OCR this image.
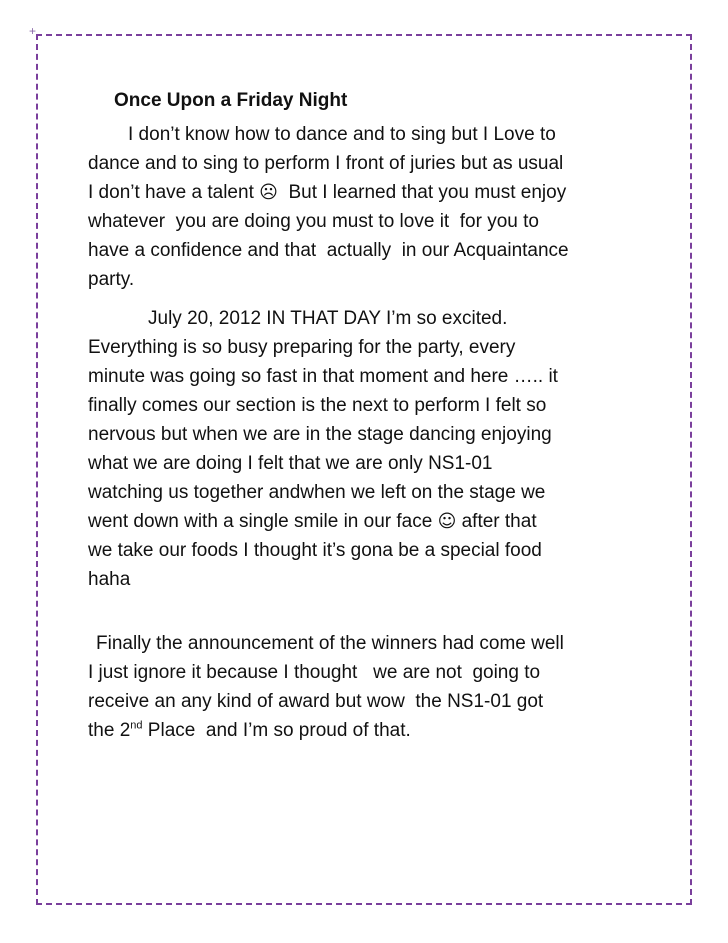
+
Once Upon a Friday Night
I don’t know how to dance and to sing but I Love to
dance and to sing to perform I front of juries but as usual
I don’t have a talent ☹  But I learned that you must enjoy
whatever  you are doing you must to love it  for you to
have a confidence and that  actually  in our Acquaintance
party.
July 20, 2012 IN THAT DAY I’m so excited.
Everything is so busy preparing for the party, every
minute was going so fast in that moment and here ….. it
finally comes our section is the next to perform I felt so
nervous but when we are in the stage dancing enjoying
what we are doing I felt that we are only NS1-01
watching us together andwhen we left on the stage we
went down with a single smile in our face ☺ after that
we take our foods I thought it’s gona be a special food
haha
Finally the announcement of the winners had come well
I just ignore it because I thought   we are not  going to
receive an any kind of award but wow  the NS1-01 got
the 2nd Place  and I’m so proud of that.
